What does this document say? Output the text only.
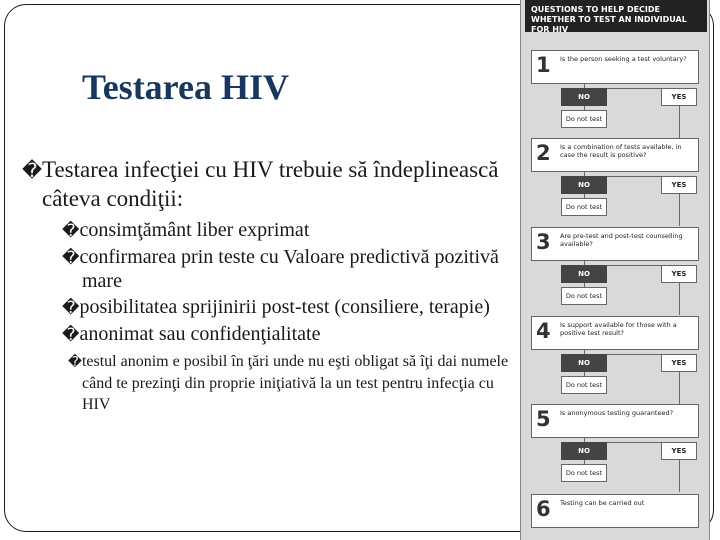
Testarea HIV

�Testarea infecţiei cu HIV trebuie să îndeplinească câteva condiţii:

�consimţământ liber exprimat

�confirmarea prin teste cu Valoare predictivă pozitivă mare

�posibilitatea sprijinirii post-test (consiliere, terapie)

�anonimat sau confidenţialitate

�testul anonim e posibil în ţări unde nu eşti obligat să îţi dai numele când te prezinţi din proprie iniţiativă la un test pentru infecţia cu HIV

QUESTIONS TO HELP DECIDE WHETHER TO TEST AN INDIVIDUAL FOR HIV
1 Is the person seeking a test voluntary?
NO	YES
Do not test
2 Is a combination of tests available, in case the result is positive?
NO	YES
Do not test
3 Are pre-test and post-test counselling available?
NO	YES
Do not test
4 Is support available for those with a positive test result?
NO	YES
Do not test
5 Is anonymous testing guaranteed?
NO	YES
Do not test
6 Testing can be carried out
